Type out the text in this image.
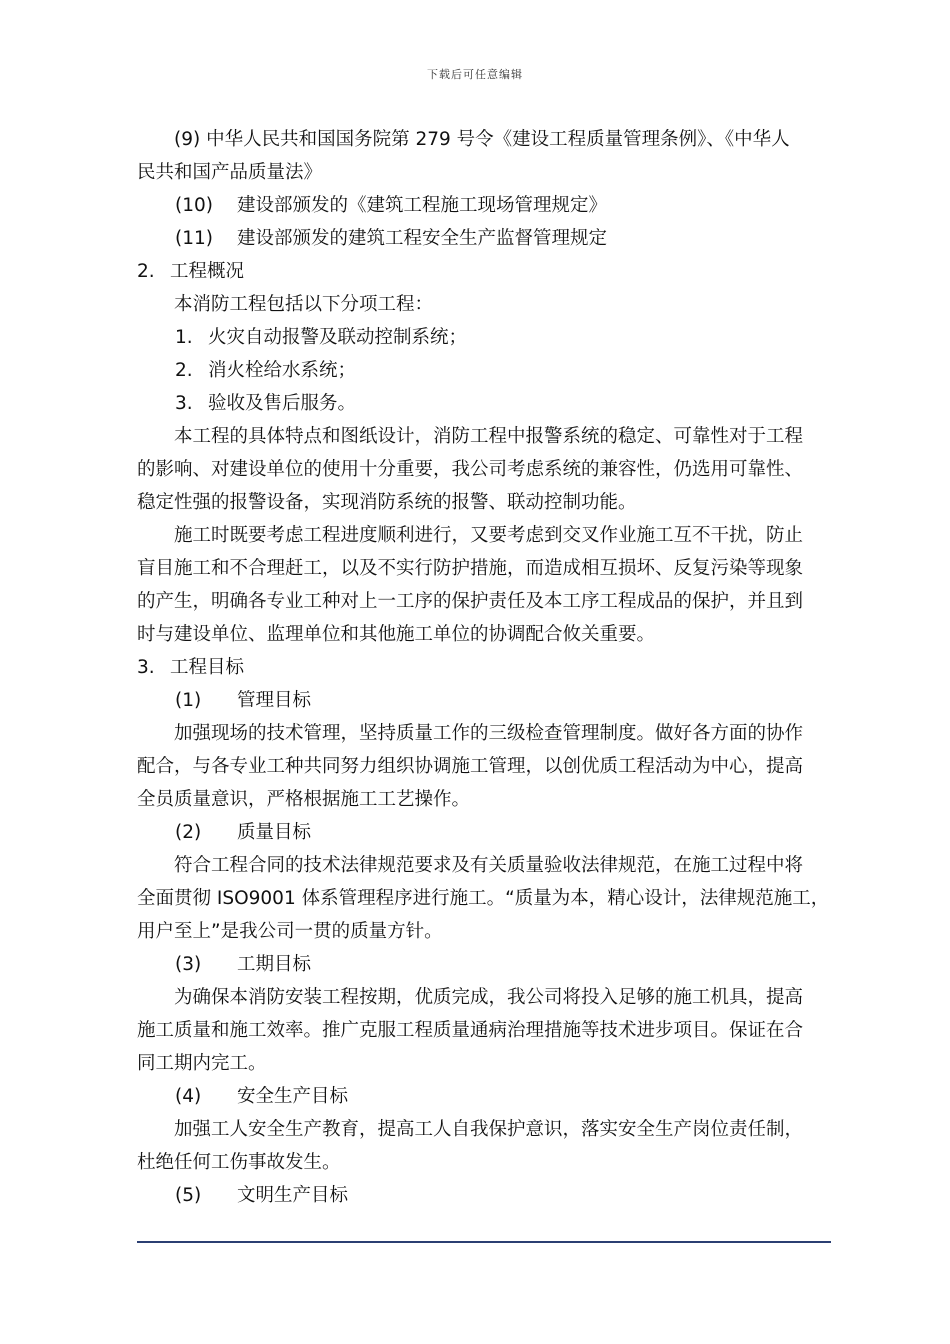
下载后可任意编辑
(9) 中华人民共和国国务院第 279 号令《建设工程质量管理条例》、《中华人
民共和国产品质量法》
(10) 建设部颁发的《建筑工程施工现场管理规定》
(11) 建设部颁发的建筑工程安全生产监督管理规定
2. 工程概况
本消防工程包括以下分项工程：
1. 火灾自动报警及联动控制系统；
2. 消火栓给水系统；
3. 验收及售后服务。
本工程的具体特点和图纸设计，消防工程中报警系统的稳定、可靠性对于工程
的影响、对建设单位的使用十分重要，我公司考虑系统的兼容性，仍选用可靠性、
稳定性强的报警设备，实现消防系统的报警、联动控制功能。
施工时既要考虑工程进度顺利进行，又要考虑到交叉作业施工互不干扰，防止
盲目施工和不合理赶工，以及不实行防护措施，而造成相互损坏、反复污染等现象
的产生，明确各专业工种对上一工序的保护责任及本工序工程成品的保护，并且到
时与建设单位、监理单位和其他施工单位的协调配合攸关重要。
3. 工程目标
(1) 管理目标
加强现场的技术管理，坚持质量工作的三级检查管理制度。做好各方面的协作
配合，与各专业工种共同努力组织协调施工管理，以创优质工程活动为中心，提高
全员质量意识，严格根据施工工艺操作。
(2) 质量目标
符合工程合同的技术法律规范要求及有关质量验收法律规范，在施工过程中将
全面贯彻 ISO9001 体系管理程序进行施工。“质量为本，精心设计，法律规范施工，
用户至上”是我公司一贯的质量方针。
(3) 工期目标
为确保本消防安装工程按期，优质完成，我公司将投入足够的施工机具，提高
施工质量和施工效率。推广克服工程质量通病治理措施等技术进步项目。保证在合
同工期内完工。
(4) 安全生产目标
加强工人安全生产教育，提高工人自我保护意识，落实安全生产岗位责任制，
杜绝任何工伤事故发生。
(5) 文明生产目标
